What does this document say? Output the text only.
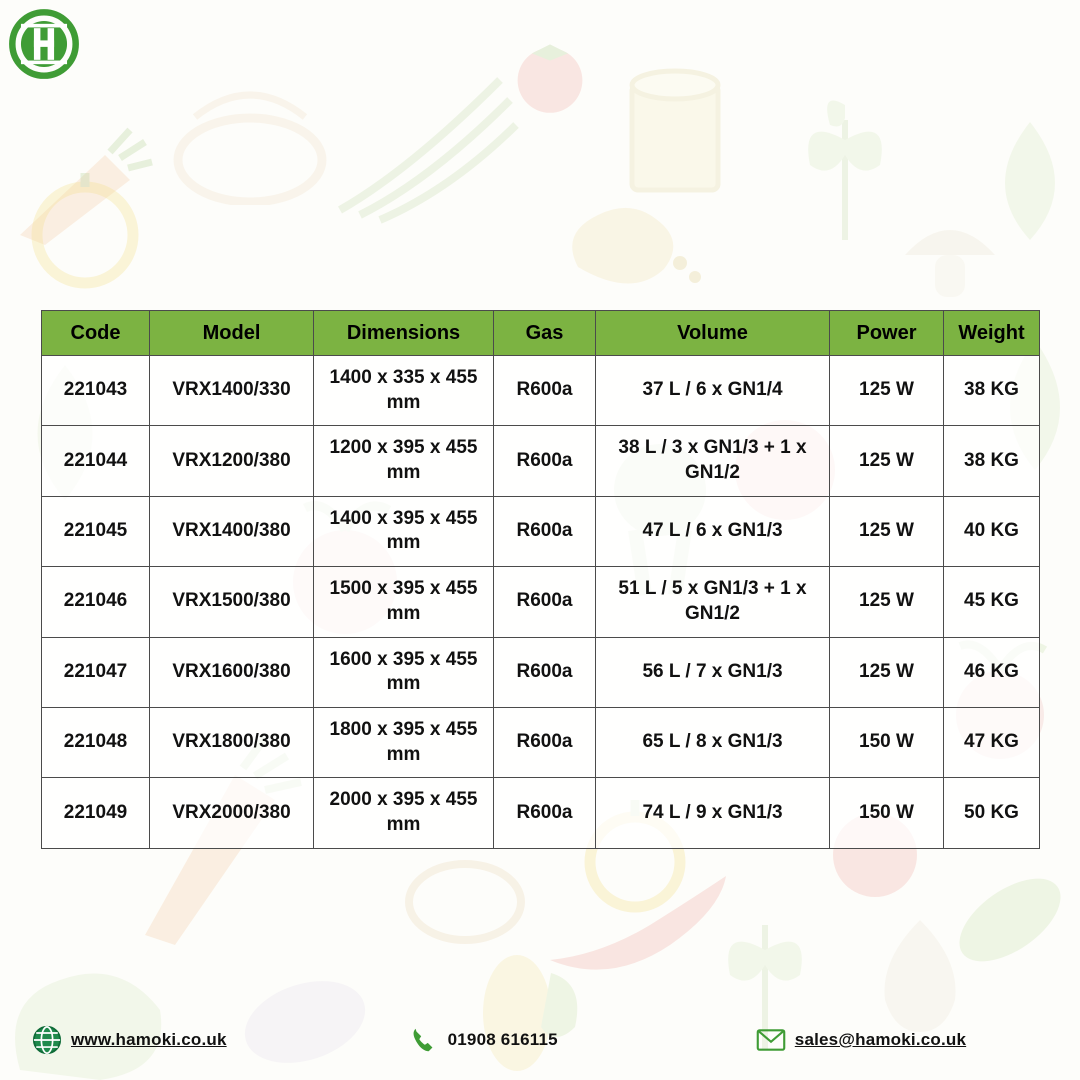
Code	Model	Dimensions	Gas	Volume	Power	Weight
221043	VRX1400/330	1400 x 335 x 455 mm	R600a	37 L / 6 x GN1/4	125 W	38 KG
221044	VRX1200/380	1200 x 395 x 455 mm	R600a	38 L / 3 x GN1/3 + 1 x GN1/2	125 W	38 KG
221045	VRX1400/380	1400 x 395 x 455 mm	R600a	47 L / 6 x GN1/3	125 W	40 KG
221046	VRX1500/380	1500 x 395 x 455 mm	R600a	51 L / 5 x GN1/3 + 1 x GN1/2	125 W	45 KG
221047	VRX1600/380	1600 x 395 x 455 mm	R600a	56 L / 7 x GN1/3	125 W	46 KG
221048	VRX1800/380	1800 x 395 x 455 mm	R600a	65 L / 8 x GN1/3	150 W	47 KG
221049	VRX2000/380	2000 x 395 x 455 mm	R600a	74 L / 9 x GN1/3	150 W	50 KG
www.hamoki.co.uk	01908 616115	sales@hamoki.co.uk
